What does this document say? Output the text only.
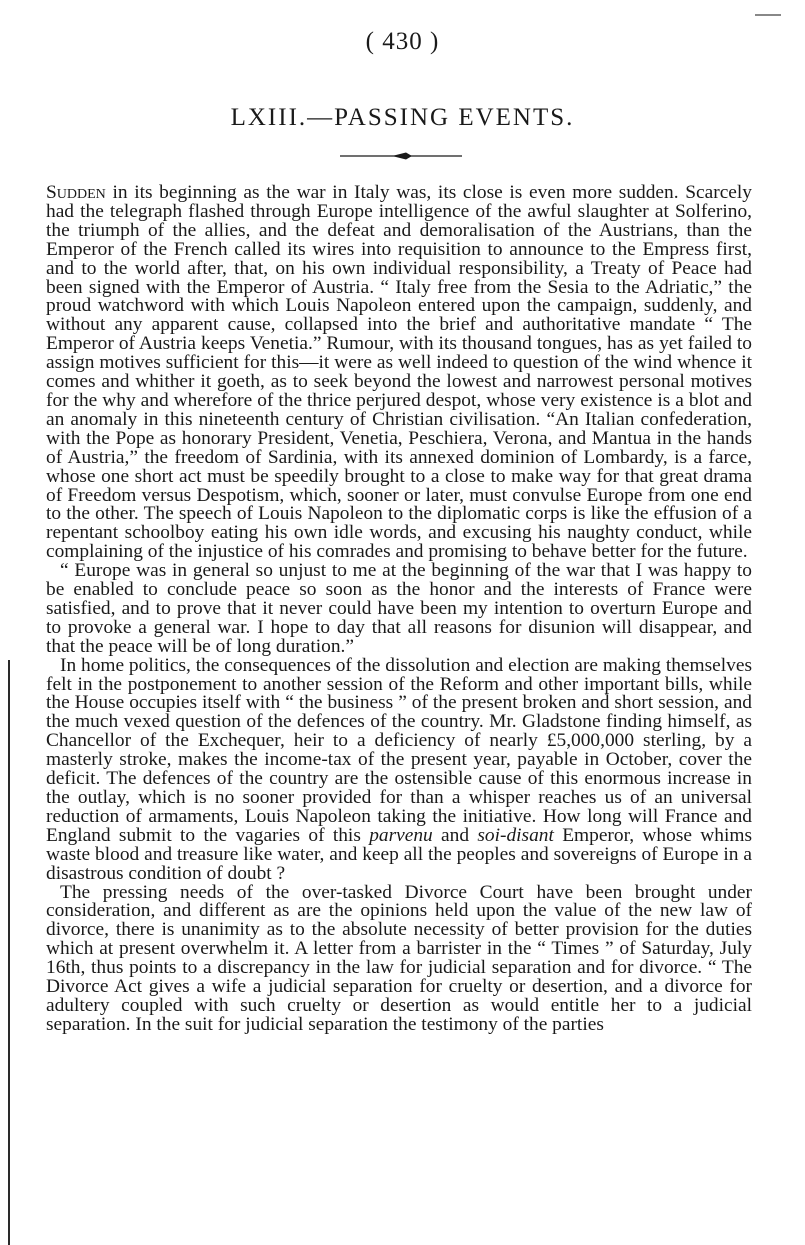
( 430 )
LXIII.—PASSING EVENTS.

Sudden in its beginning as the war in Italy was, its close is even more sudden. Scarcely had the telegraph flashed through Europe intelligence of the awful slaughter at Solferino, the triumph of the allies, and the defeat and demoralisation of the Austrians, than the Emperor of the French called its wires into requisition to announce to the Empress first, and to the world after, that, on his own individual responsibility, a Treaty of Peace had been signed with the Emperor of Austria. “ Italy free from the Sesia to the Adriatic,” the proud watchword with which Louis Napoleon entered upon the campaign, suddenly, and without any apparent cause, collapsed into the brief and authoritative mandate “ The Emperor of Austria keeps Venetia.” Rumour, with its thousand tongues, has as yet failed to assign motives sufficient for this—it were as well indeed to question of the wind whence it comes and whither it goeth, as to seek beyond the lowest and narrowest personal motives for the why and wherefore of the thrice perjured despot, whose very existence is a blot and an anomaly in this nineteenth century of Christian civilisation. “An Italian confederation, with the Pope as honorary President, Venetia, Peschiera, Verona, and Mantua in the hands of Austria,” the freedom of Sardinia, with its annexed dominion of Lombardy, is a farce, whose one short act must be speedily brought to a close to make way for that great drama of Freedom versus Despotism, which, sooner or later, must convulse Europe from one end to the other. The speech of Louis Napoleon to the diplomatic corps is like the effusion of a repentant schoolboy eating his own idle words, and excusing his naughty conduct, while complaining of the injustice of his comrades and promising to behave better for the future.

“ Europe was in general so unjust to me at the beginning of the war that I was happy to be enabled to conclude peace so soon as the honor and the interests of France were satisfied, and to prove that it never could have been my intention to overturn Europe and to provoke a general war. I hope to day that all reasons for disunion will disappear, and that the peace will be of long duration.”

In home politics, the consequences of the dissolution and election are making themselves felt in the postponement to another session of the Reform and other important bills, while the House occupies itself with “ the business ” of the present broken and short session, and the much vexed question of the defences of the country. Mr. Gladstone finding himself, as Chancellor of the Exchequer, heir to a deficiency of nearly £5,000,000 sterling, by a masterly stroke, makes the income-tax of the present year, payable in October, cover the deficit. The defences of the country are the ostensible cause of this enormous increase in the outlay, which is no sooner provided for than a whisper reaches us of an universal reduction of armaments, Louis Napoleon taking the initiative. How long will France and England submit to the vagaries of this parvenu and soi-disant Emperor, whose whims waste blood and treasure like water, and keep all the peoples and sovereigns of Europe in a disastrous condition of doubt ?

The pressing needs of the over-tasked Divorce Court have been brought under consideration, and different as are the opinions held upon the value of the new law of divorce, there is unanimity as to the absolute necessity of better provision for the duties which at present overwhelm it. A letter from a barrister in the “ Times ” of Saturday, July 16th, thus points to a discrepancy in the law for judicial separation and for divorce. “ The Divorce Act gives a wife a judicial separation for cruelty or desertion, and a divorce for adultery coupled with such cruelty or desertion as would entitle her to a judicial separation. In the suit for judicial separation the testimony of the parties
